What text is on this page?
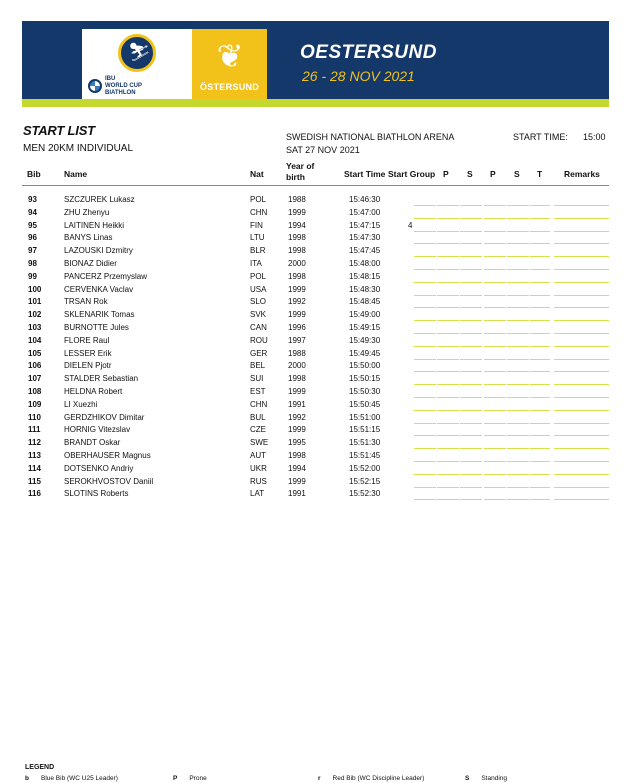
⛷
IBU
WORLD CUP
BIATHLON
❦
ÖSTERSUND
OESTERSUND
26 - 28 NOV 2021
START LIST
MEN 20KM INDIVIDUAL
SWEDISH NATIONAL BIATHLON ARENA
SAT 27 NOV 2021
START TIME: 15:00
Bib	Name	Nat
Year of birth	Start Time Start Group P S P S T	Remarks
93	SZCZUREK Lukasz	POL	1988	15:46:30
94	ZHU Zhenyu	CHN	1999	15:47:00
95	LAITINEN Heikki	FIN	1994	15:47:15	4
96	BANYS Linas	LTU	1998	15:47:30
97	LAZOUSKI Dzmitry	BLR	1998	15:47:45
98	BIONAZ Didier	ITA	2000	15:48:00
99	PANCERZ Przemyslaw	POL	1998	15:48:15
100	CERVENKA Vaclav	USA	1999	15:48:30
101	TRSAN Rok	SLO	1992	15:48:45
102	SKLENARIK Tomas	SVK	1999	15:49:00
103	BURNOTTE Jules	CAN	1996	15:49:15
104	FLORE Raul	ROU	1997	15:49:30
105	LESSER Erik	GER	1988	15:49:45
106	DIELEN Pjotr	BEL	2000	15:50:00
107	STALDER Sebastian	SUI	1998	15:50:15
108	HELDNA Robert	EST	1999	15:50:30
109	LI Xuezhi	CHN	1991	15:50:45
110	GERDZHIKOV Dimitar	BUL	1992	15:51:00
111	HORNIG Vitezslav	CZE	1999	15:51:15
112	BRANDT Oskar	SWE 1995	15:51:30
113	OBERHAUSER Magnus	AUT	1998	15:51:45
114	DOTSENKO Andriy	UKR	1994	15:52:00
115	SEROKHVOSTOV Daniil	RUS	1999	15:52:15
116	SLOTINS Roberts	LAT	1991	15:52:30
LEGEND
b Blue Bib (WC U25 Leader)	P Prone	r Red Bib (WC Discipline Leader)	S Standing
